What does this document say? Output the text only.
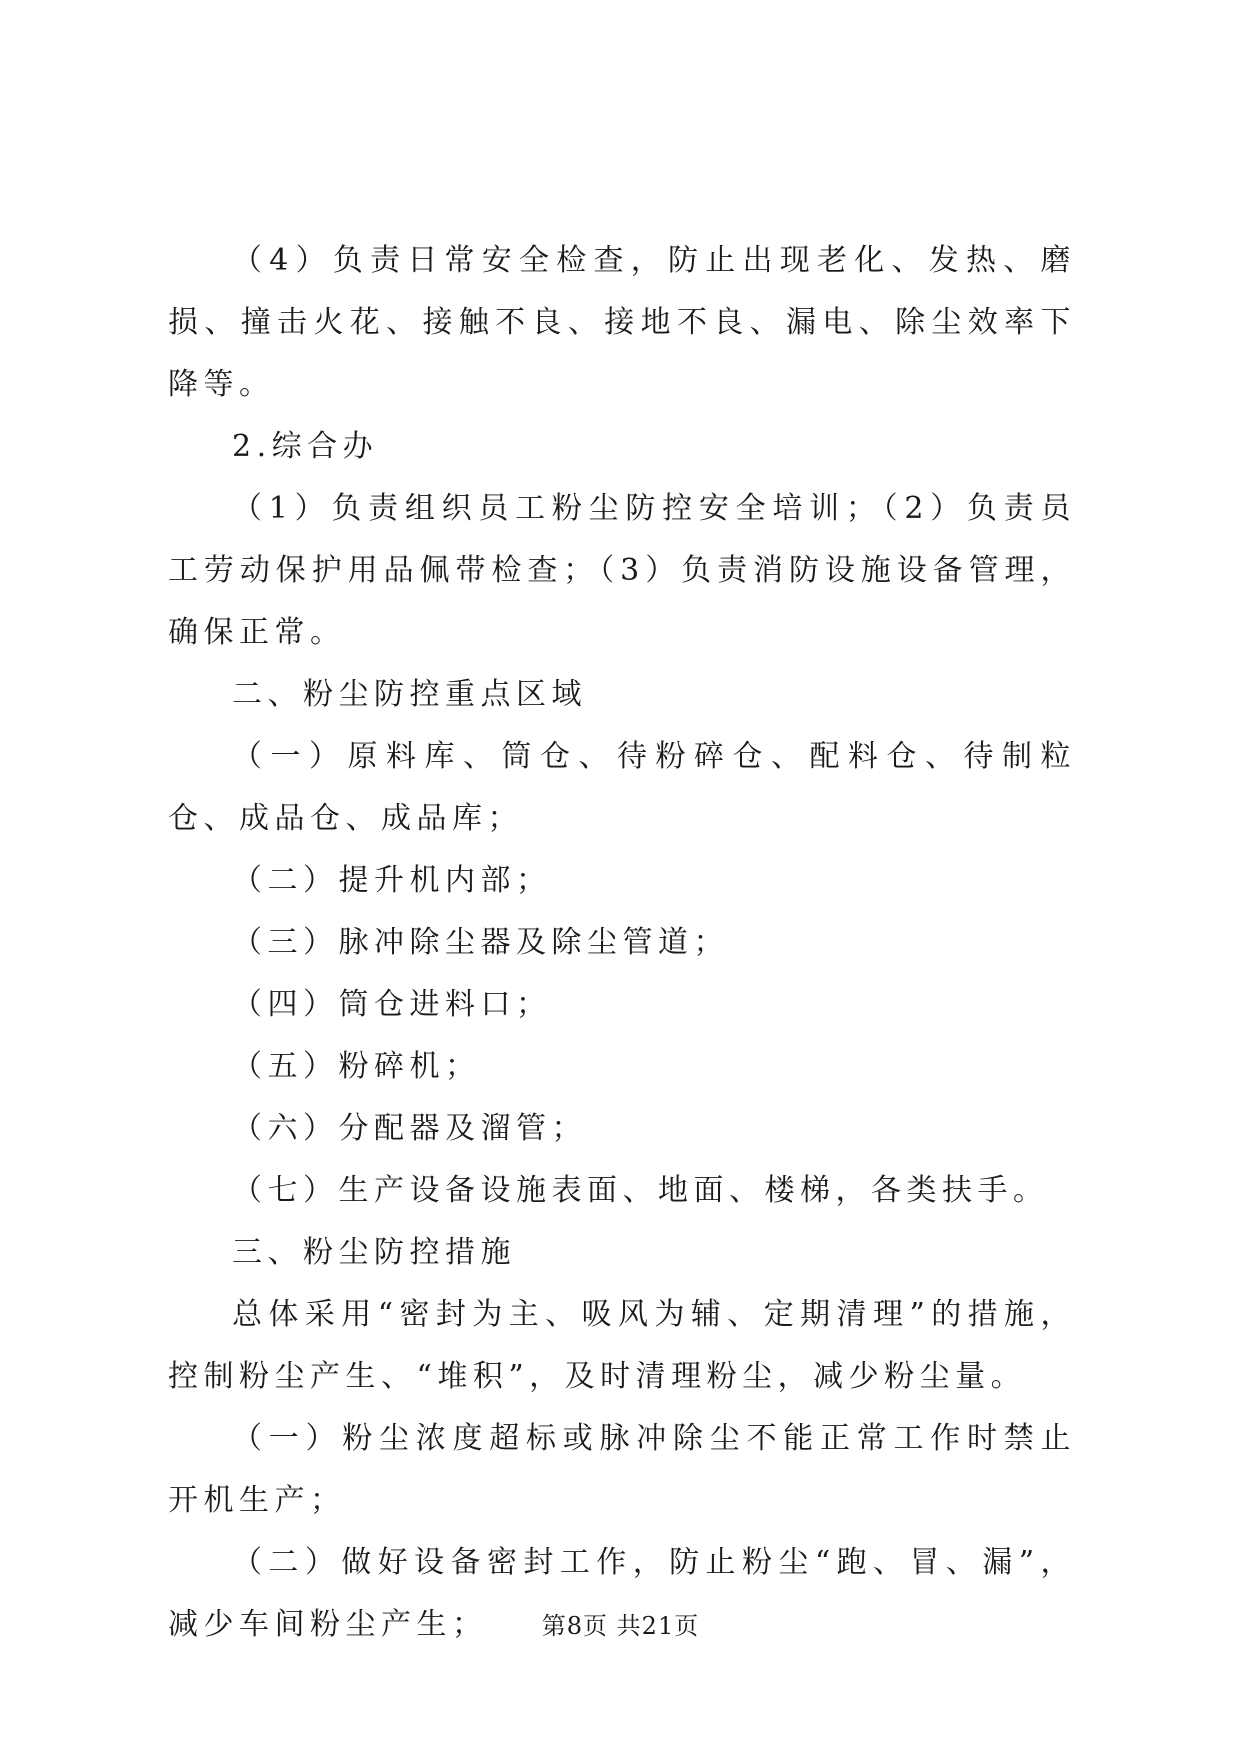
（4）负责日常安全检查，防止出现老化、发热、磨损、撞击火花、接触不良、接地不良、漏电、除尘效率下降等。

2.综合办

（1）负责组织员工粉尘防控安全培训；（2）负责员工劳动保护用品佩带检查；（3）负责消防设施设备管理，确保正常。

二、粉尘防控重点区域

（一）原料库、筒仓、待粉碎仓、配料仓、待制粒仓、成品仓、成品库；

（二）提升机内部；

（三）脉冲除尘器及除尘管道；

（四）筒仓进料口；

（五）粉碎机；

（六）分配器及溜管；

（七）生产设备设施表面、地面、楼梯，各类扶手。

三、粉尘防控措施

总体采用“密封为主、吸风为辅、定期清理”的措施，控制粉尘产生、“堆积”，及时清理粉尘，减少粉尘量。

（一）粉尘浓度超标或脉冲除尘不能正常工作时禁止开机生产；

（二）做好设备密封工作，防止粉尘“跑、冒、漏”，减少车间粉尘产生；	第8页 共21页
